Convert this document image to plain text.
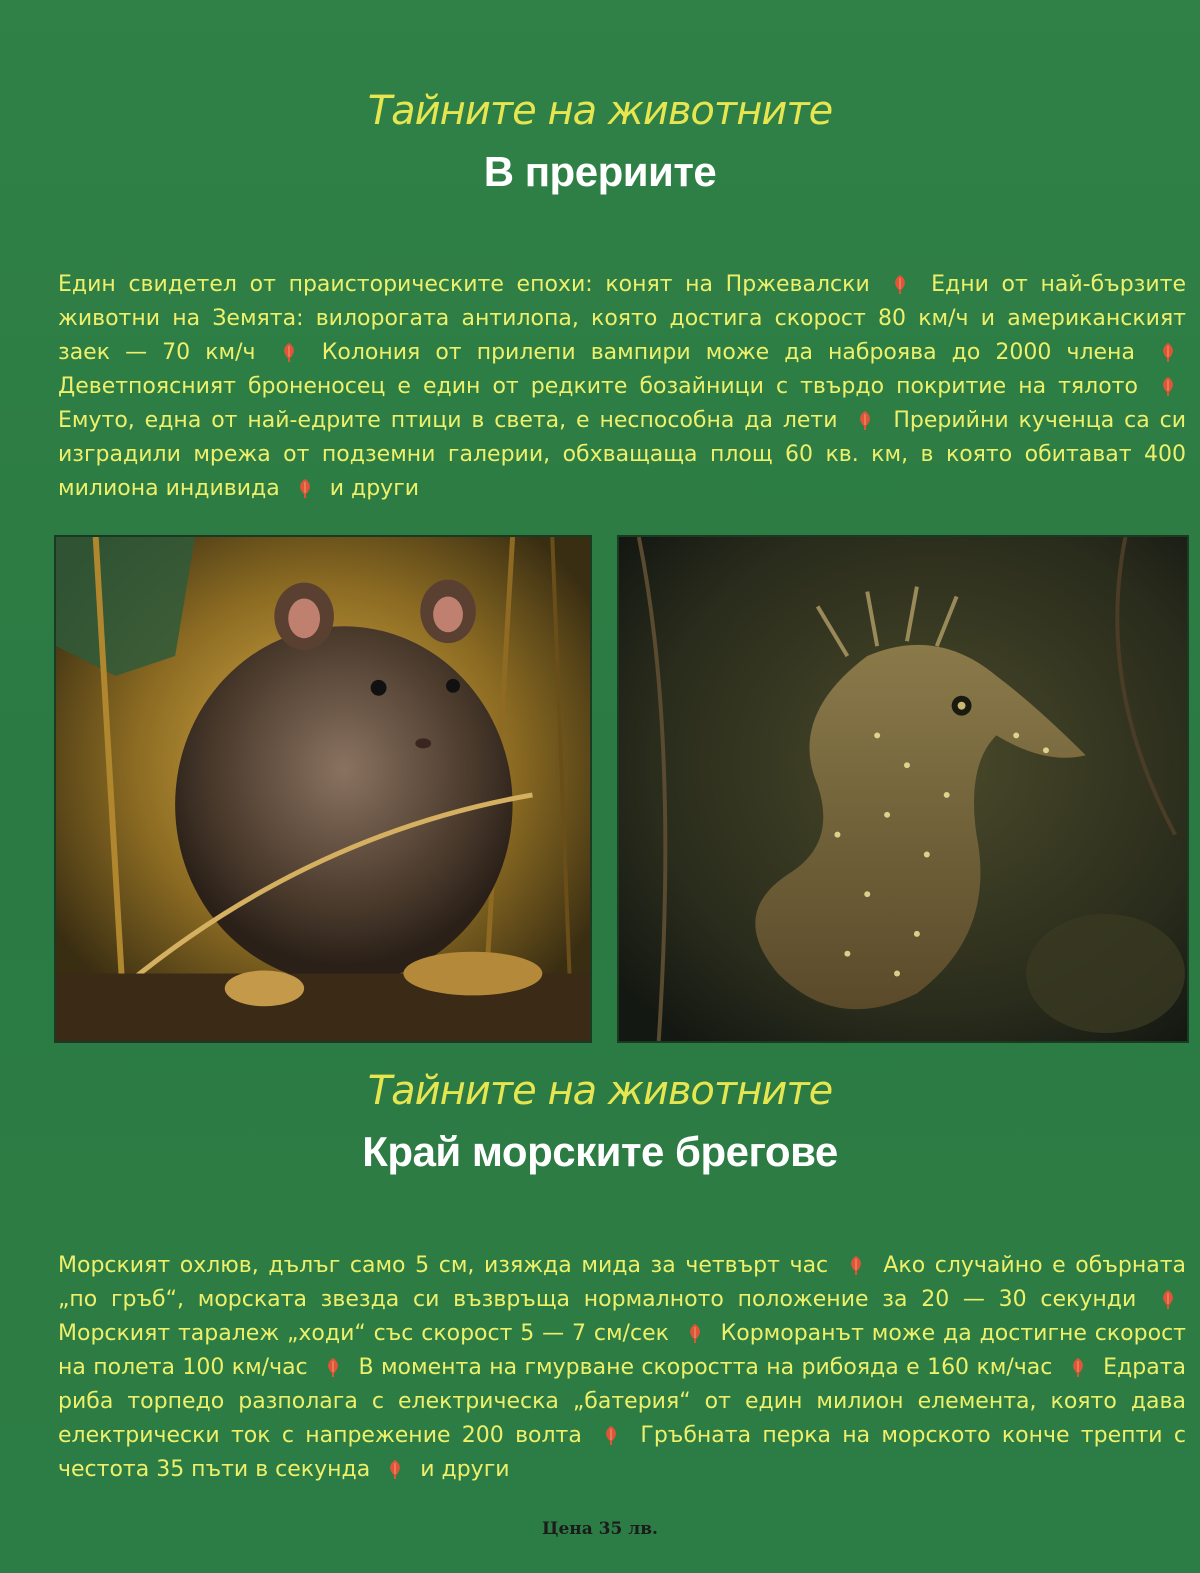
Тайните на животните
В прериите
Един свидетел от праисторическите епохи: конят на Пржевалски	Едни от най-бързите животни на Земята: вилорогата антилопа, която достига скорост 80 км/ч и американският заек — 70 км/ч	Колония от прилепи вампири може да наброява до 2000 члена
Деветпоясният броненосец е един от редките бозайници с твърдо покритие на тялото
Емуто, една от най-едрите птици в света, е неспособна да лети	Прерийни кученца са си изградили мрежа от подземни галерии, обхващаща площ 60 кв. км, в която обитават 400 милиона индивида и други
Тайните на животните
Край морските брегове
Морският охлюв, дълъг само 5 см, изяжда мида за четвърт час	Ако случайно е обърната „по гръб“, морската звезда си възвръща нормалното положение за 20 — 30 секунди
Морският таралеж „ходи“ със скорост 5 — 7 см/сек Корморанът може да достигне скорост на полета 100 км/час В момента на гмурване скоростта на рибояда е 160 км/час Едрата риба торпедо разполага с електрическа „батерия“ от един милион елемента, която дава електрически ток с напрежение 200 волта	Гръбната перка на морското конче трепти с честота 35 пъти в секунда и други
Цена 35 лв.
